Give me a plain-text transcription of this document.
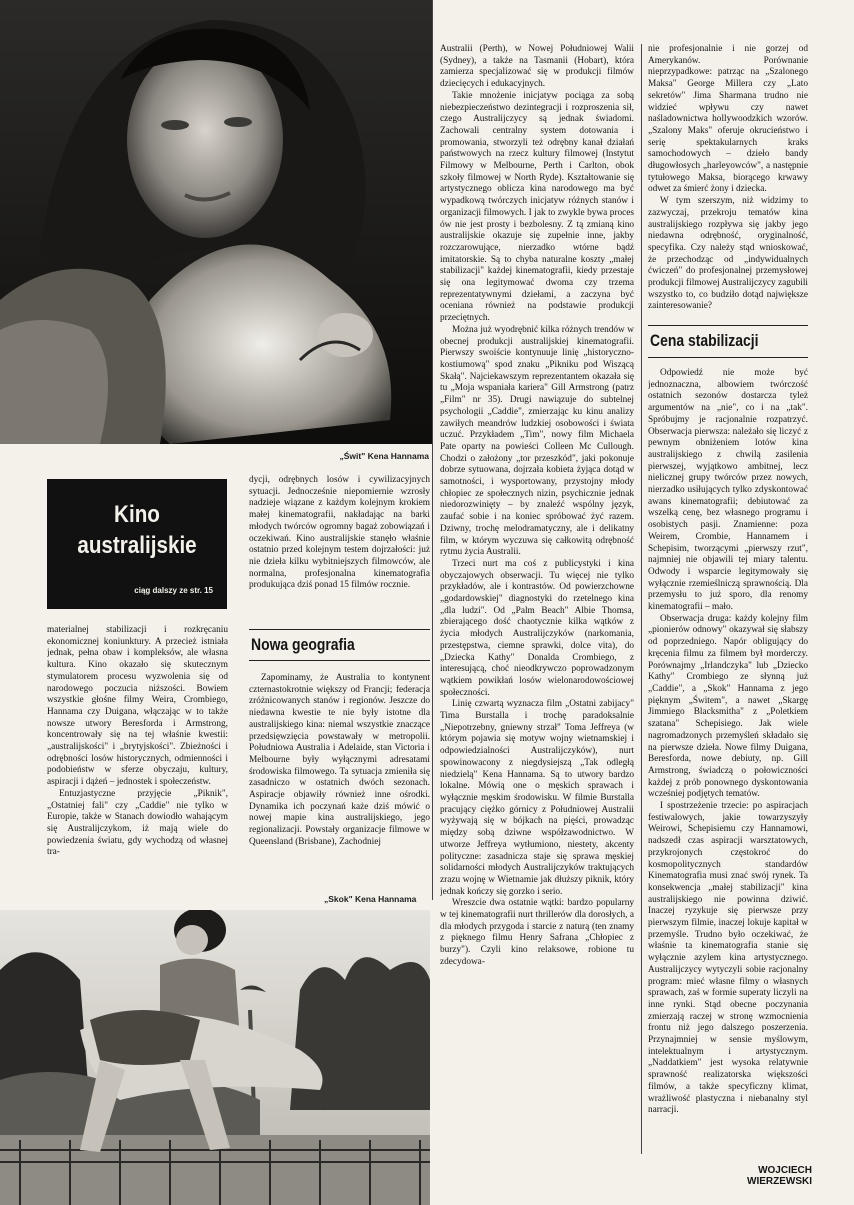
„Świt" Kena Hannama
Kino
australijskie
ciąg dalszy ze str. 15

materialnej stabilizacji i rozkręcaniu ekonomicznej koniunktury. A przecież istniała jednak, pełna obaw i kompleksów, ale własna kultura. Kino okazało się skutecznym stymulatorem procesu wyzwolenia się od narodowego poczucia niższości. Bowiem wszystkie głośne filmy Weira, Crombiego, Hannama czy Duigana, włączając w to także nowsze utwory Beresforda i Armstrong, koncentrowały się na tej właśnie kwestii: „australijskości" i „brytyjskości". Zbieżności i odrębności losów historycznych, odmienności i podobieństw w sferze obyczaju, kultury, aspiracji i dążeń – jednostek i społeczeństw.

Entuzjastyczne przyjęcie „Piknik", „Ostatniej fali" czy „Caddie" nie tylko w Europie, także w Stanach dowiodło wahającym się Australijczykom, iż mają wiele do powiedzenia światu, gdy wychodzą od własnej tra-

dycji, odrębnych losów i cywilizacyjnych sytuacji. Jednocześnie niepomiernie wzrosły nadzieje wiązane z każdym kolejnym krokiem małej kinematografii, nakładając na barki młodych twórców ogromny bagaż zobowiązań i oczekiwań. Kino australijskie stanęło właśnie ostatnio przed kolejnym testem dojrzałości: już nie dzieła kilku wybitniejszych filmowców, ale normalna, profesjonalna kinematografia produkująca dziś ponad 15 filmów rocznie.

Nowa geografia

Zapominamy, że Australia to kontynent czternastokrotnie większy od Francji; federacja zróżnicowanych stanów i regionów. Jeszcze do niedawna kwestie te nie były istotne dla australijskiego kina: niemal wszystkie znaczące przedsięwzięcia powstawały w metropolii. Południowa Australia i Adelaide, stan Victoria i Melbourne były wyłącznymi adresatami środowiska filmowego. Ta sytuacja zmieniła się zasadniczo w ostatnich dwóch sezonach. Aspiracje objawiły również inne ośrodki. Dynamika ich poczynań każe dziś mówić o nowej mapie kina australijskiego, jego regionalizacji. Powstały organizacje filmowe w Queensland (Brisbane), Zachodniej

„Skok" Kena Hannama

Australii (Perth), w Nowej Południowej Walii (Sydney), a także na Tasmanii (Hobart), która zamierza specjalizować się w produkcji filmów dziecięcych i edukacyjnych.

Takie mnożenie inicjatyw pociąga za sobą niebezpieczeństwo dezintegracji i rozproszenia sił, czego Australijczycy są jednak świadomi. Zachowali centralny system dotowania i promowania, stworzyli też odrębny kanał działań państwowych na rzecz kultury filmowej (Instytut Filmowy w Melbourne, Perth i Carlton, obok szkoły filmowej w North Ryde). Kształtowanie się artystycznego oblicza kina narodowego ma być wypadkową twórczych inicjatyw różnych stanów i organizacji filmowych. I jak to zwykle bywa proces ów nie jest prosty i bezbolesny. Z tą zmianą kino australijskie okazuje się zupełnie inne, jakby rozczarowujące, nierzadko wtórne bądź imitatorskie. Są to chyba naturalne koszty „małej stabilizacji" każdej kinematografii, kiedy przestaje się ona legitymować dwoma czy trzema reprezentatywnymi dziełami, a zaczyna być oceniana również na podstawie produkcji przeciętnych.

Można już wyodrębnić kilka różnych trendów w obecnej produkcji australijskiej kinematografii. Pierwszy swoiście kontynuuje linię „historyczno-kostiumową" spod znaku „Pikniku pod Wiszącą Skałą". Najciekawszym reprezentantem okazała się tu „Moja wspaniała kariera" Gill Armstrong (patrz „Film" nr 35). Drugi nawiązuje do subtelnej psychologii „Caddie", zmierzając ku kinu analizy zawiłych meandrów ludzkiej osobowości i świata uczuć. Przykładem „Tim", nowy film Michaela Pate oparty na powieści Colleen Mc Cullough. Chodzi o założony „tor przeszkód", jaki pokonuje dobrze sytuowana, dojrzała kobieta żyjąca dotąd w samotności, i wysportowany, przystojny młody chłopiec ze społecznych nizin, psychicznie jednak niedorozwinięty – by znaleźć wspólny język, zaufać sobie i na koniec spróbować żyć razem. Dziwny, trochę melodramatyczny, ale i delikatny film, w którym wyczuwa się całkowitą odrębność rytmu życia Australii.

Trzeci nurt ma coś z publicystyki i kina obyczajowych obserwacji. Tu więcej nie tylko przykładów, ale i kontrastów. Od powierzchowne „godardowskiej" diagnostyki do rzetelnego kina „dla ludzi". Od „Palm Beach" Albie Thomsa, zbierającego dość chaotycznie kilka wątków z życia młodych Australijczyków (narkomania, przestępstwa, ciemne sprawki, dolce vita), do „Dziecka Kathy" Donalda Crombiego, z interesującą, choć nieodkrywczo poprowadzonym wątkiem powikłań losów wielonarodowościowej społeczności.

Linię czwartą wyznacza film „Ostatni zabijacy" Tima Burstalla i trochę paradoksalnie „Niepotrzebny, gniewny strzał" Toma Jeffreya (w którym pojawia się motyw wojny wietnamskiej i odpowiedzialności Australijczyków), nurt spowinowacony z niegdysiejszą „Tak odległą niedzielą" Kena Hannama. Są to utwory bardzo lokalne. Mówią one o męskich sprawach i wyłącznie męskim środowisku. W filmie Burstalla pracujący ciężko górnicy z Południowej Australii wyżywają się w bójkach na pięści, prowadząc między sobą dziwne współzawodnictwo. W utworze Jeffreya wytłumiono, niestety, akcenty polityczne: zasadnicza staje się sprawa męskiej solidarności młodych Australijczyków traktujących zrazu wojnę w Wietnamie jak dłuższy piknik, który jednak kończy się gorzko i serio.

Wreszcie dwa ostatnie wątki: bardzo popularny w tej kinematografii nurt thrillerów dla dorosłych, a dla młodych przygoda i starcie z naturą (ten znamy z pięknego filmu Henry Safrana „Chłopiec z burzy"). Czyli kino relaksowe, robione tu zdecydowa-

nie profesjonalnie i nie gorzej od Amerykanów. Porównanie nieprzypadkowe: patrząc na „Szalonego Maksa" George Millera czy „Lato sekretów" Jima Sharmana trudno nie widzieć wpływu czy nawet naśladownictwa hollywoodzkich wzorów. „Szalony Maks" oferuje okrucieństwo i serię spektakularnych kraks samochodowych – dzieło bandy długowłosych „harleyowców", a następnie tytułowego Maksa, biorącego krwawy odwet za śmierć żony i dziecka.

W tym szerszym, niż widzimy to zazwyczaj, przekroju tematów kina australijskiego rozpływa się jakby jego niedawna odrębność, oryginalność, specyfika. Czy należy stąd wnioskować, że przechodząc od „indywidualnych ćwiczeń" do profesjonalnej przemysłowej produkcji filmowej Australijczycy zagubili wszystko to, co budziło dotąd największe zainteresowanie?

Cena stabilizacji

Odpowiedź nie może być jednoznaczna, albowiem twórczość ostatnich sezonów dostarcza tyleż argumentów na „nie", co i na „tak". Spróbujmy je racjonalnie rozpatrzyć. Obserwacja pierwsza: należało się liczyć z pewnym obniżeniem lotów kina australijskiego z chwilą zasilenia pierwszej, wyjątkowo ambitnej, lecz nielicznej grupy twórców przez nowych, nierzadko usiłujących tylko zdyskontować awans kinematografii; debiutować za wszelką cenę, bez własnego programu i osobistych pasji. Znamienne: poza Weirem, Crombie, Hannamem i Schepisim, tworzącymi „pierwszy rzut", najmniej nie objawili tej miary talentu. Odwody i wsparcie legitymowały się wyłącznie rzemieślniczą sprawnością. Dla przemysłu to już sporo, dla renomy kinematografii – mało.

Obserwacja druga: każdy kolejny film „pionierów odnowy" okazywał się słabszy od poprzedniego. Napór obligujący do kręcenia filmu za filmem był morderczy. Porównajmy „Irlandczyka" lub „Dziecko Kathy" Crombiego ze słynną już „Caddie", a „Skok" Hannama z jego pięknym „Świtem", a nawet „Skargę Jimmiego Blacksmitha" z „Poletkiem szatana" Schepisiego. Jak wiele nagromadzonych przemyśleń składało się na pierwsze dzieła. Nowe filmy Duigana, Beresforda, nowe debiuty, np. Gill Armstrong, świadczą o połowiczności każdej z prób ponownego dyskontowania wcześniej podjętych tematów.

I spostrzeżenie trzecie: po aspiracjach festiwalowych, jakie towarzyszyły Weirowi, Schepisiemu czy Hannamowi, nadszedł czas aspiracji warsztatowych, przykrojonych częstokroć do kosmopolitycznych standardów Kinematografia musi znać swój rynek. Ta konsekwencja „małej stabilizacji" kina australijskiego nie powinna dziwić. Inaczej ryzykuje się pierwsze przy pierwszym filmie, inaczej lokuje kapitał w przemyśle. Trudno było oczekiwać, że właśnie ta kinematografia stanie się wyłącznie azylem kina artystycznego. Australijczycy wytyczyli sobie racjonalny program: mieć własne filmy o własnych sprawach, zaś w formie superaty liczyli na inne rynki. Stąd obecne poczynania zmierzają raczej w stronę wzmocnienia frontu niż jego dalszego poszerzenia. Przynajmniej w sensie myślowym, intelektualnym i artystycznym. „Naddatkiem" jest wysoka relatywnie sprawność realizatorska większości filmów, a także specyficzny klimat, wrażliwość plastyczna i niebanalny styl narracji.

WOJCIECH
WIERZEWSKI
